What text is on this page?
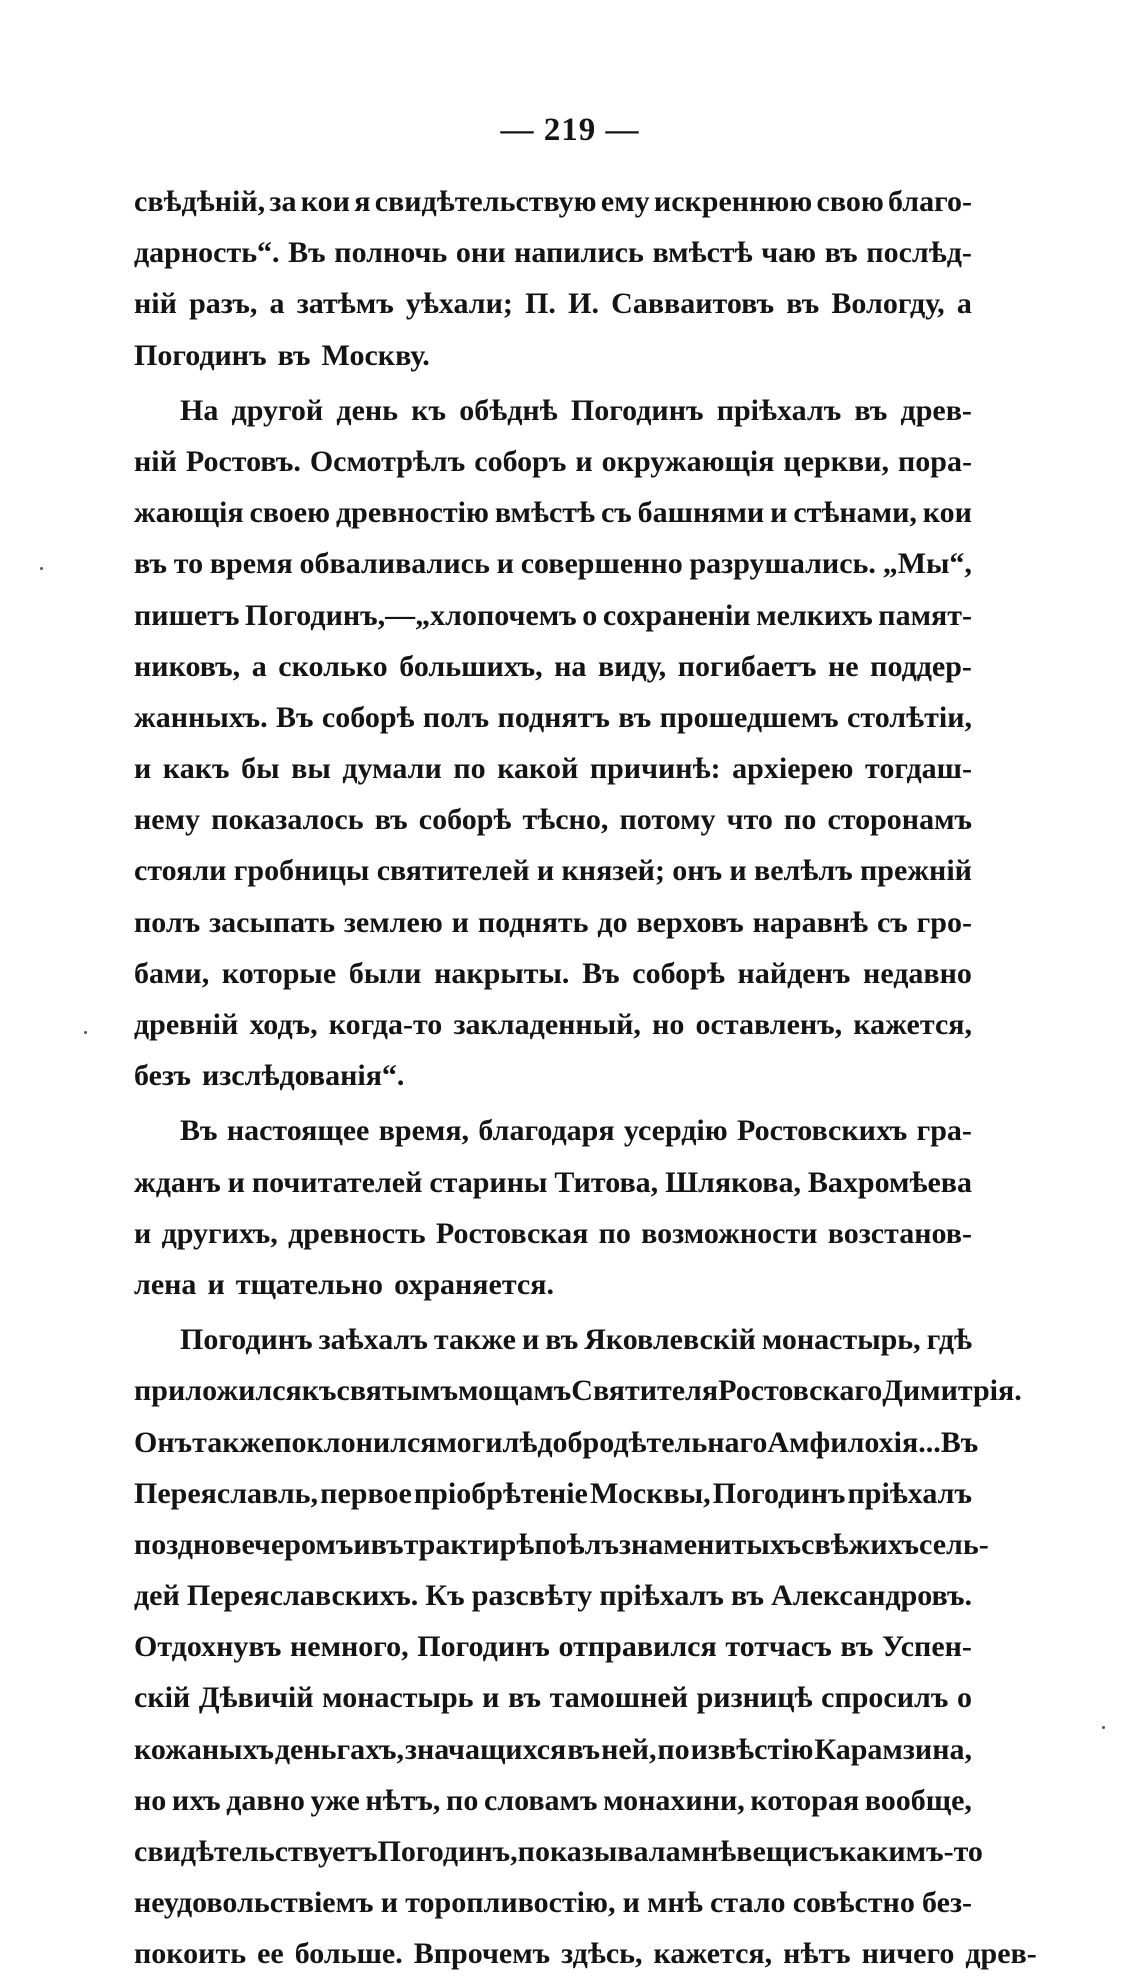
— 219 —
свѣдѣній, за кои я свидѣтельствую ему искреннюю свою благо-
дарность“. Въ полночь они напились вмѣстѣ чаю въ послѣд-
ній разъ, а затѣмъ уѣхали; П. И. Савваитовъ въ Вологду, а
Погодинъ въ Москву.
На другой день къ обѣднѣ Погодинъ пріѣхалъ въ древ-
ній Ростовъ. Осмотрѣлъ соборъ и окружающія церкви, пора-
жающія своею древностію вмѣстѣ съ башнями и стѣнами, кои
въ то время обваливались и совершенно разрушались. „Мы“,
пишетъ Погодинъ,—„хлопочемъ о сохраненіи мелкихъ памят-
никовъ, а сколько большихъ, на виду, погибаетъ не поддер-
жанныхъ. Въ соборѣ полъ поднятъ въ прошедшемъ столѣтіи,
и какъ бы вы думали по какой причинѣ: архіерею тогдаш-
нему показалось въ соборѣ тѣсно, потому что по сторонамъ
стояли гробницы святителей и князей; онъ и велѣлъ прежній
полъ засыпать землею и поднять до верховъ наравнѣ съ гро-
бами, которые были накрыты. Въ соборѣ найденъ недавно
древній ходъ, когда-то закладенный, но оставленъ, кажется,
безъ изслѣдованія“.
Въ настоящее время, благодаря усердію Ростовскихъ гра-
жданъ и почитателей старины Титова, Шлякова, Вахромѣева
и другихъ, древность Ростовская по возможности возстанов-
лена и тщательно охраняется.
Погодинъ заѣхалъ также и въ Яковлевскій монастырь, гдѣ
приложился къ святымъ мощамъ Святителя Ростовскаго Димитрія.
Онъ также поклонился могилѣ добродѣтельнаго Амфилохія... Въ
Переяславль, первое пріобрѣтеніе Москвы, Погодинъ пріѣхалъ
поздно вечеромъ и въ трактирѣ поѣлъ знаменитыхъ свѣжихъ сель-
дей Переяславскихъ. Къ разсвѣту пріѣхалъ въ Александровъ.
Отдохнувъ немного, Погодинъ отправился тотчасъ въ Успен-
скій Дѣвичій монастырь и въ тамошней ризницѣ спросилъ о
кожаныхъ деньгахъ, значащихся въ ней, по извѣстію Карамзина,
но ихъ давно уже нѣтъ, по словамъ монахини, которая вообще,
свидѣтельствуетъ Погодинъ, показывала мнѣ вещи съ какимъ-то
неудовольствіемъ и торопливостію, и мнѣ стало совѣстно без-
покоить ее больше. Впрочемъ здѣсь, кажется, нѣтъ ничего древ-
